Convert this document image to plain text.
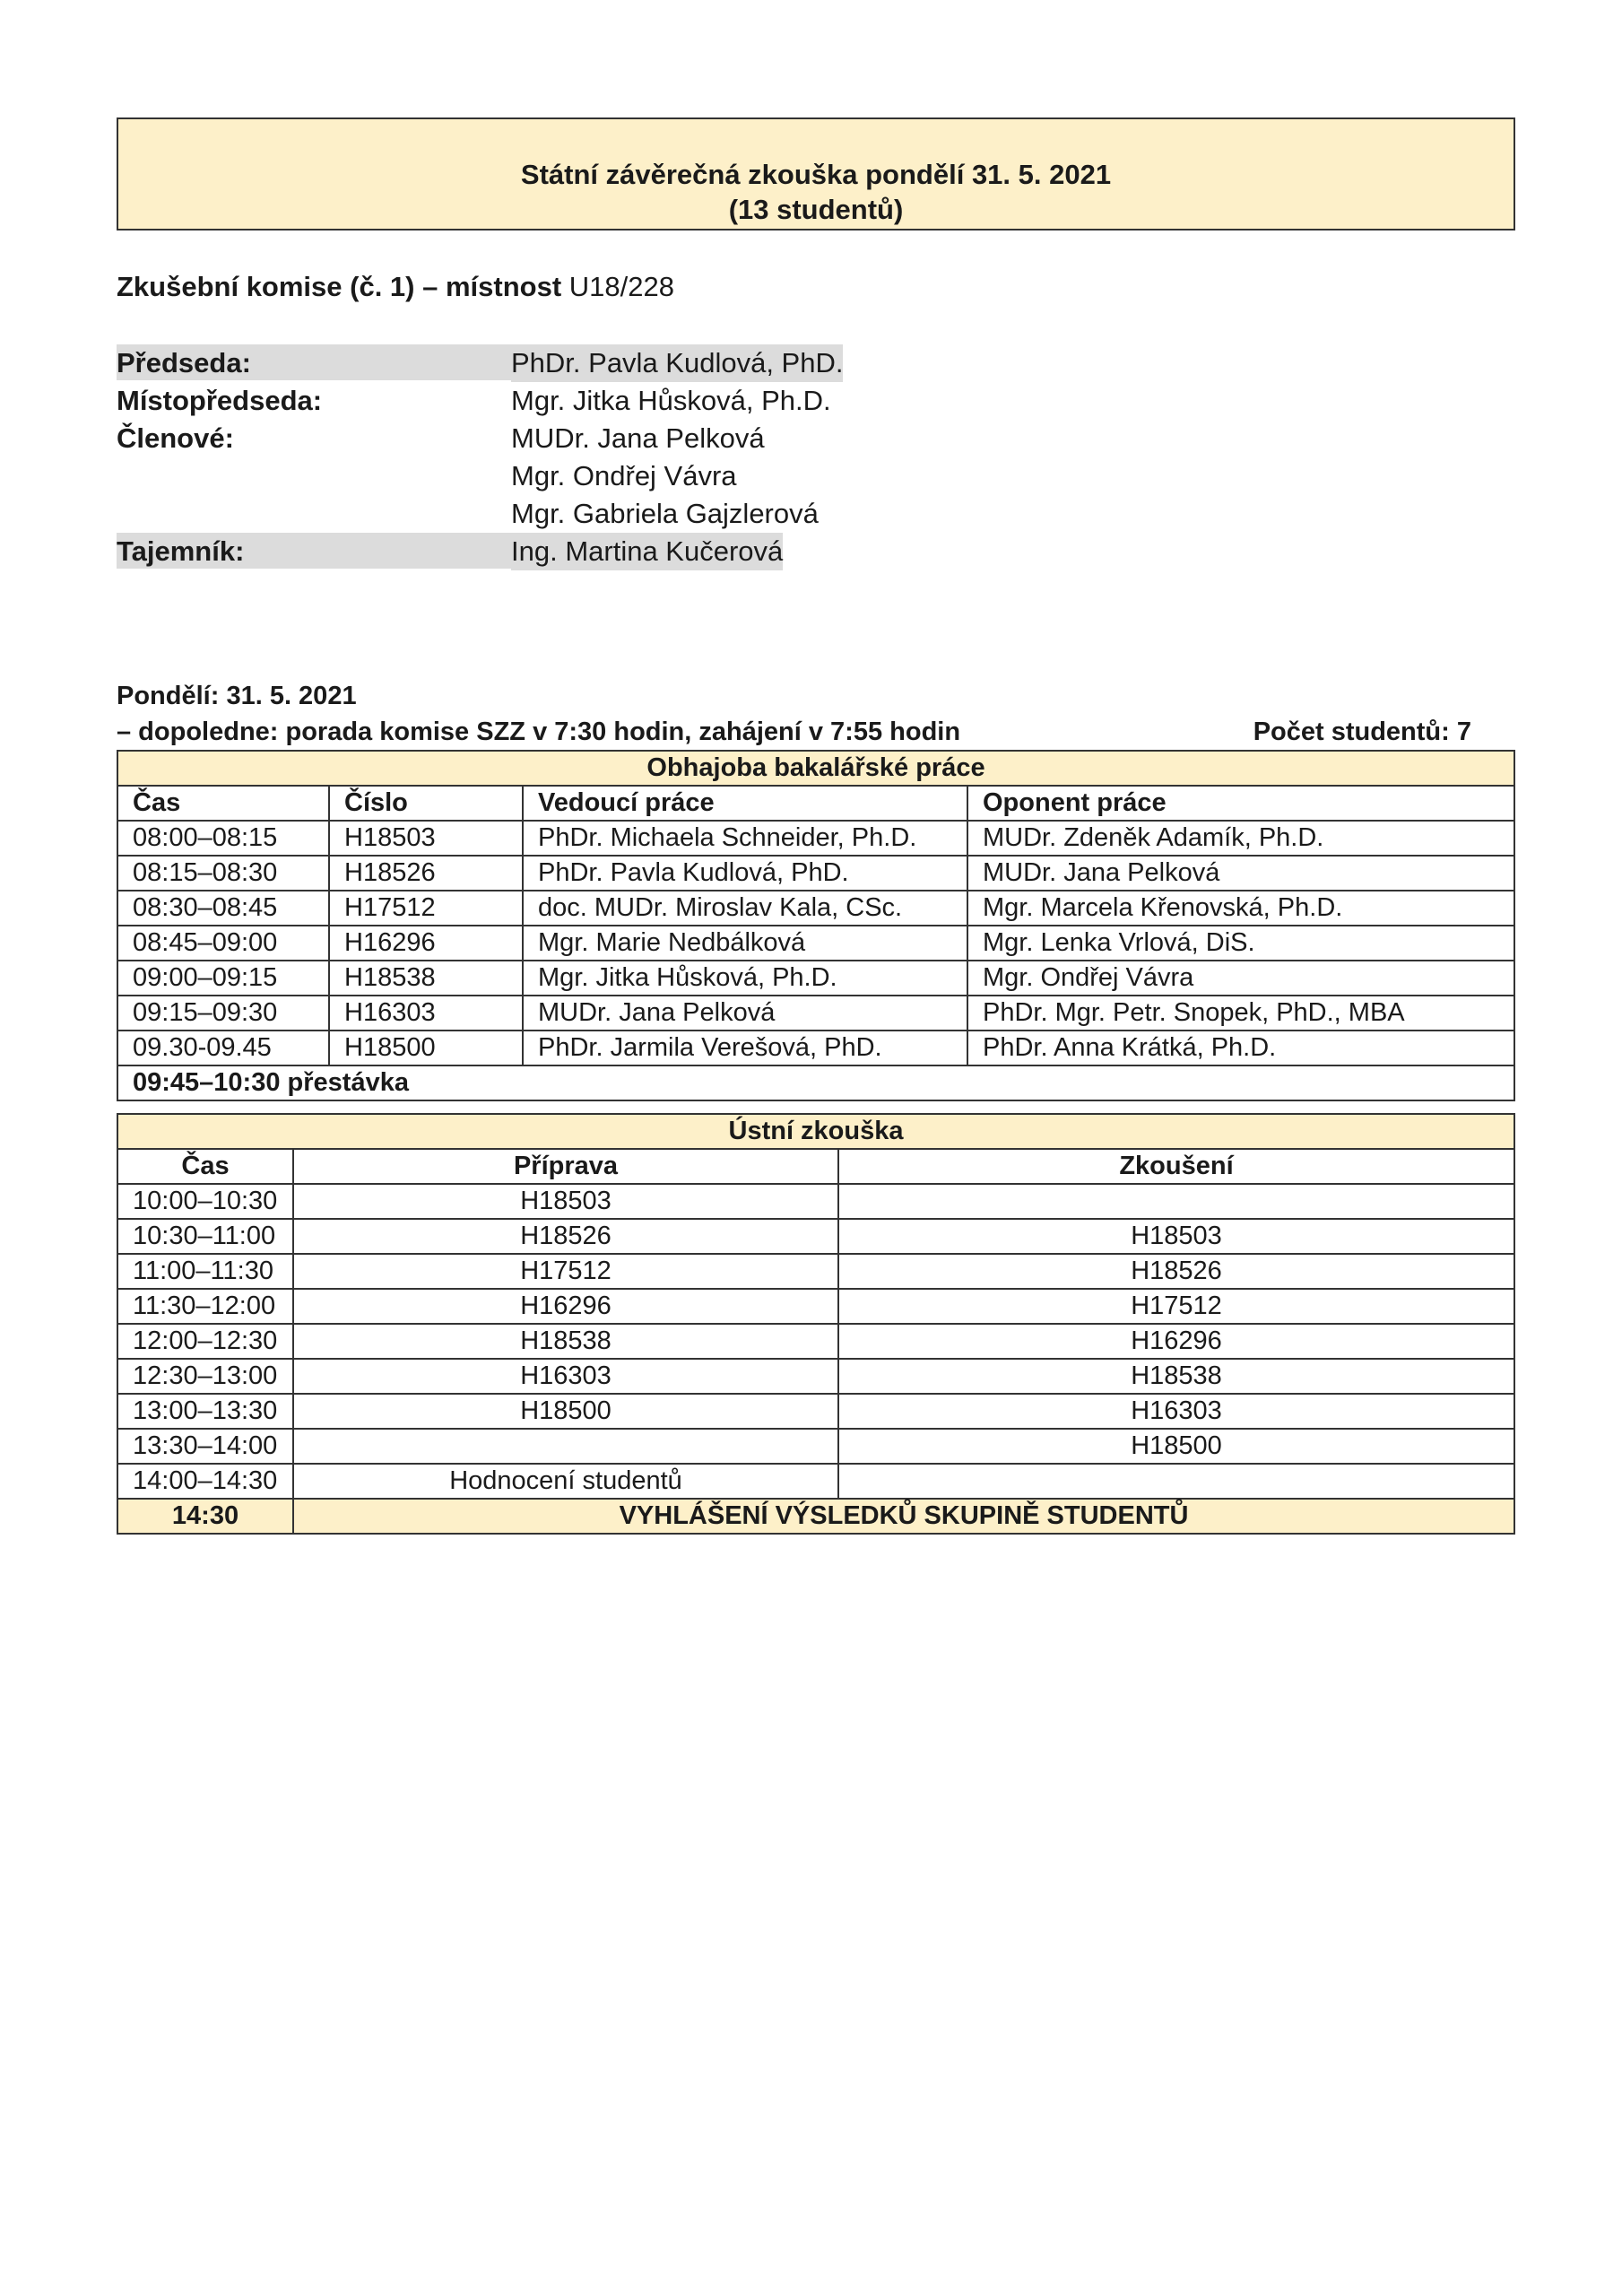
Státní závěrečná zkouška pondělí 31. 5. 2021
(13 studentů)
Zkušební komise (č. 1) – místnost U18/228
Předseda:	PhDr. Pavla Kudlová, PhD.
Místopředseda:	Mgr. Jitka Hůsková, Ph.D.
Členové:	MUDr. Jana Pelková
Mgr. Ondřej Vávra
Mgr. Gabriela Gajzlerová
Tajemník:	Ing. Martina Kučerová
Pondělí: 31. 5. 2021
– dopoledne: porada komise SZZ v 7:30 hodin, zahájení v 7:55 hodin	Počet studentů: 7
Obhajoba bakalářské práce			
Čas	Číslo	Vedoucí práce	Oponent práce
08:00–08:15	H18503	PhDr. Michaela Schneider, Ph.D.	MUDr. Zdeněk Adamík, Ph.D.
08:15–08:30	H18526	PhDr. Pavla Kudlová, PhD.	MUDr. Jana Pelková
08:30–08:45	H17512	doc. MUDr. Miroslav Kala, CSc.	Mgr. Marcela Křenovská, Ph.D.
08:45–09:00	H16296	Mgr. Marie Nedbálková	Mgr. Lenka Vrlová, DiS.
09:00–09:15	H18538	Mgr. Jitka Hůsková, Ph.D.	Mgr. Ondřej Vávra
09:15–09:30	H16303	MUDr. Jana Pelková	PhDr. Mgr. Petr. Snopek, PhD., MBA
09.30-09.45	H18500	PhDr. Jarmila Verešová, PhD.	PhDr. Anna Krátká, Ph.D.
09:45–10:30 přestávka			
Ústní zkouška		
Čas	Příprava	Zkoušení
10:00–10:30	H18503	
10:30–11:00	H18526	H18503
11:00–11:30	H17512	H18526
11:30–12:00	H16296	H17512
12:00–12:30	H18538	H16296
12:30–13:00	H16303	H18538
13:00–13:30	H18500	H16303
13:30–14:00		H18500
14:00–14:30	Hodnocení studentů	
14:30	VYHLÁŠENÍ VÝSLEDKŮ SKUPINĚ STUDENTŮ	
